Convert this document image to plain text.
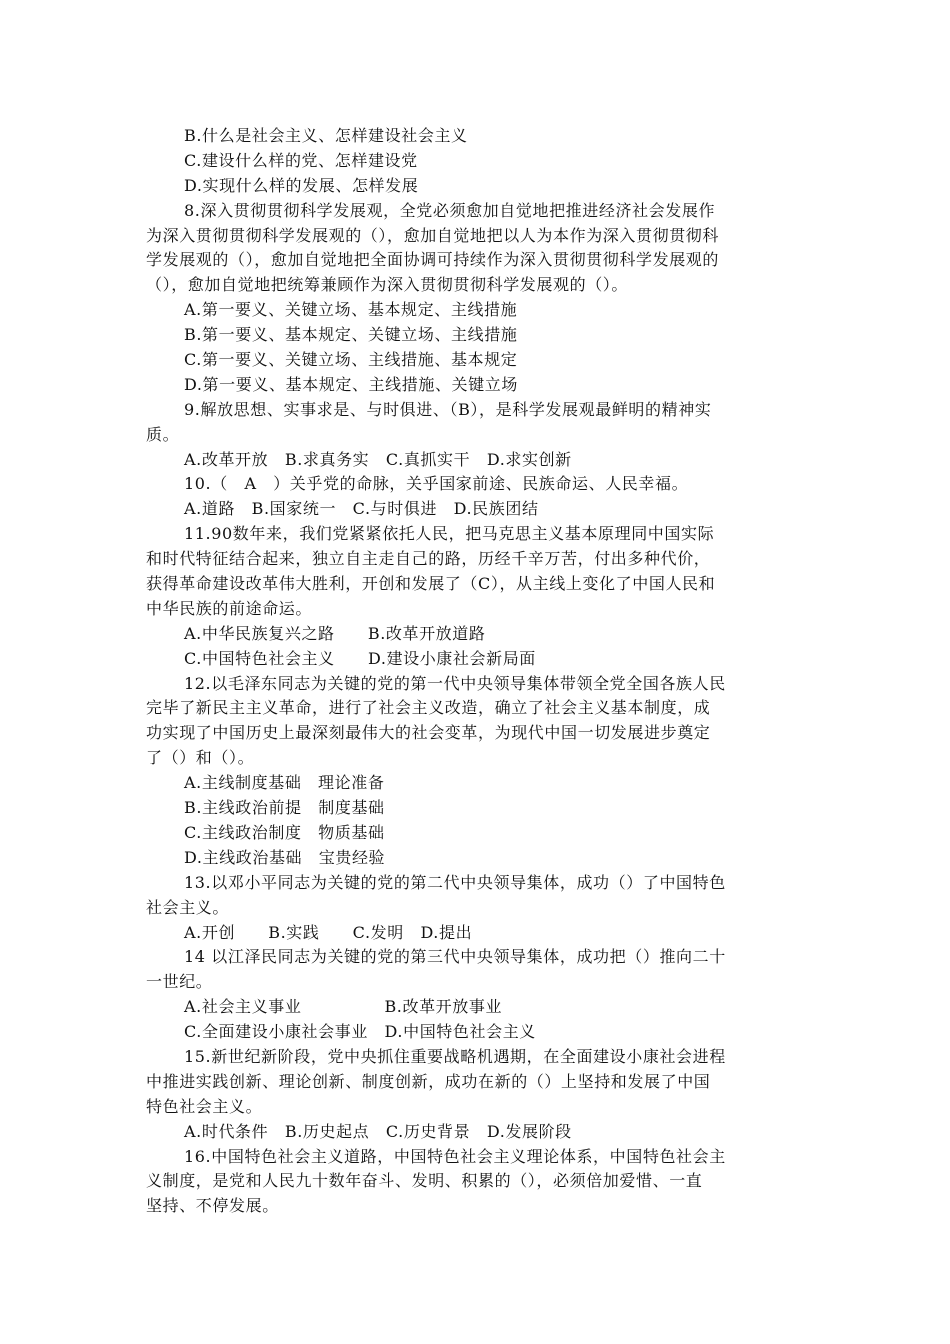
B.什么是社会主义、怎样建设社会主义
C.建设什么样的党、怎样建设党
D.实现什么样的发展、怎样发展
8.深入贯彻贯彻科学发展观，全党必须愈加自觉地把推进经济社会发展作
为深入贯彻贯彻科学发展观的（），愈加自觉地把以人为本作为深入贯彻贯彻科
学发展观的（），愈加自觉地把全面协调可持续作为深入贯彻贯彻科学发展观的
（），愈加自觉地把统筹兼顾作为深入贯彻贯彻科学发展观的（）。
A.第一要义、关键立场、基本规定、主线措施
B.第一要义、基本规定、关键立场、主线措施
C.第一要义、关键立场、主线措施、基本规定
D.第一要义、基本规定、主线措施、关键立场
9.解放思想、实事求是、与时俱进、（B），是科学发展观最鲜明的精神实
质。
A.改革开放　B.求真务实　C.真抓实干　D.求实创新
10.（　A　）关乎党的命脉，关乎国家前途、民族命运、人民幸福。
A.道路　B.国家统一　C.与时俱进　D.民族团结
11.90数年来，我们党紧紧依托人民，把马克思主义基本原理同中国实际
和时代特征结合起来，独立自主走自己的路，历经千辛万苦，付出多种代价，
获得革命建设改革伟大胜利，开创和发展了（C），从主线上变化了中国人民和
中华民族的前途命运。
A.中华民族复兴之路　　B.改革开放道路
C.中国特色社会主义　　D.建设小康社会新局面
12.以毛泽东同志为关键的党的第一代中央领导集体带领全党全国各族人民
完毕了新民主主义革命，进行了社会主义改造，确立了社会主义基本制度，成
功实现了中国历史上最深刻最伟大的社会变革，为现代中国一切发展进步奠定
了（）和（）。
A.主线制度基础　理论准备
B.主线政治前提　制度基础
C.主线政治制度　物质基础
D.主线政治基础　宝贵经验
13.以邓小平同志为关键的党的第二代中央领导集体，成功（）了中国特色
社会主义。
A.开创　　B.实践　　C.发明　D.提出
14 以江泽民同志为关键的党的第三代中央领导集体，成功把（）推向二十
一世纪。
A.社会主义事业　　　　　B.改革开放事业
C.全面建设小康社会事业　D.中国特色社会主义
15.新世纪新阶段，党中央抓住重要战略机遇期，在全面建设小康社会进程
中推进实践创新、理论创新、制度创新，成功在新的（）上坚持和发展了中国
特色社会主义。
A.时代条件　B.历史起点　C.历史背景　D.发展阶段
16.中国特色社会主义道路，中国特色社会主义理论体系，中国特色社会主
义制度，是党和人民九十数年奋斗、发明、积累的（），必须倍加爱惜、一直
坚持、不停发展。
